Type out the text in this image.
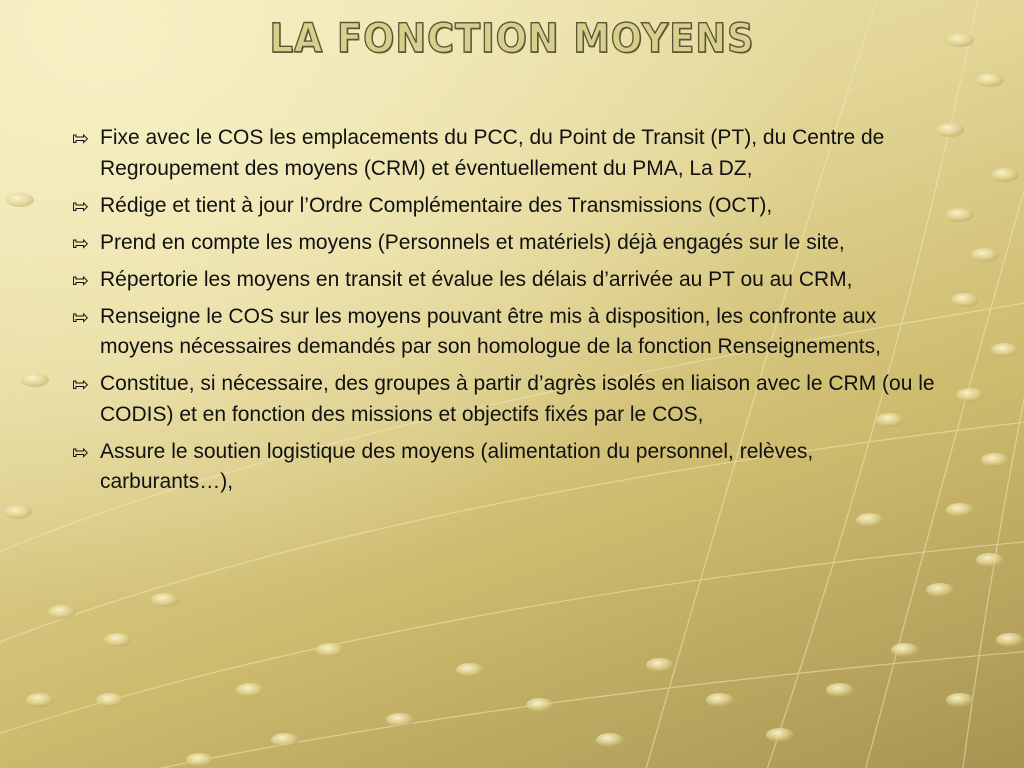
LA FONCTION MOYENS
⇰ Fixe avec le COS les emplacements du PCC, du Point de Transit (PT), du Centre de Regroupement des moyens (CRM) et éventuellement du PMA, La DZ,
⇰ Rédige et tient à jour l’Ordre Complémentaire des Transmissions (OCT),
⇰ Prend en compte les moyens (Personnels et matériels) déjà engagés sur le site,
⇰ Répertorie les moyens en transit et évalue les délais d’arrivée au PT ou au CRM,
⇰ Renseigne le COS sur les moyens pouvant être mis à disposition, les confronte aux moyens nécessaires demandés par son homologue de la fonction Renseignements,
⇰ Constitue, si nécessaire, des groupes à partir d’agrès isolés en liaison avec le CRM (ou le CODIS) et en fonction des missions et objectifs fixés par le COS,
⇰ Assure le soutien logistique des moyens (alimentation du personnel, relèves, carburants…),
